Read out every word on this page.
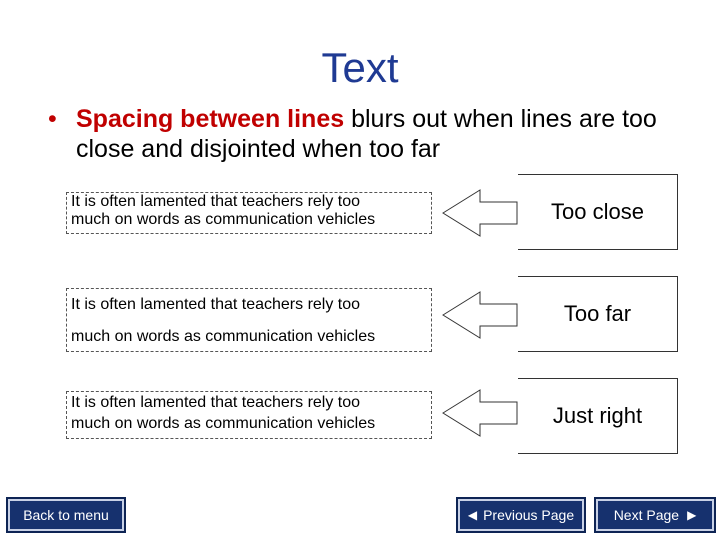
Text
• Spacing between lines blurs out when lines are too close and disjointed when too far
It is often lamented that teachers rely too
much on words as communication vehicles	Too close
It is often lamented that teachers rely too
much on words as communication vehicles
Too far
It is often lamented that teachers rely too
much on words as communication vehicles	Just right
Back to menu	◀ Previous Page	Next Page ▶
